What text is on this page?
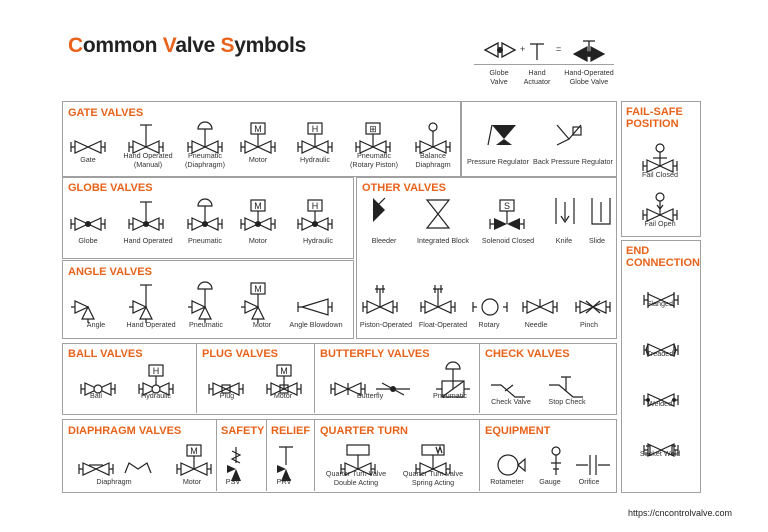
Common Valve Symbols	+	=
Globe
Valve
Hand
Actuator
Hand-Operated
Globe Valve
GATE VALVES
GLOBE VALVES	OTHER VALVES
ANGLE VALVES
BALL VALVES	PLUG VALVES	BUTTERFLY VALVES	CHECK VALVES
DIAPHRAGM VALVES	SAFETY RELIEF QUARTER TURN	EQUIPMENT
FAIL-SAFE
POSITION
END
CONNECTION
M	H	⊞
M	H	S
M
H	M
M
Gate	Hand Operated
(Manual)
Pneumatic
(Diaphragm)	Motor	Hydraulic	Pneumatic
(Rotary Piston)
Balance
Diaphragm	Pressure Regulator Back Pressure Regulator
Globe	Hand Operated	Pneumatic	Motor	Hydraulic	Bleeder	Integrated Block	Solenoid Closed	Knife	Slide
Angle	Hand Operated	Pneumatic	Motor	Angle Blowdown	Piston-Operated Float-Operated	Rotary	Needle	Pinch
Ball	Hydraulic	Plug	Motor	Butterfly	Pneumatic
Check Valve	Stop Check
Diaphragm	Motor	PSV	PRV
Quarter Turn Valve
Double Acting
Quarter Turn Valve
Spring Acting	Rotameter	Gauge	Orifice
Fail Closed
Fail Open
Flanged
Treaded
Welded
Socket Weld
https://cncontrolvalve.com
